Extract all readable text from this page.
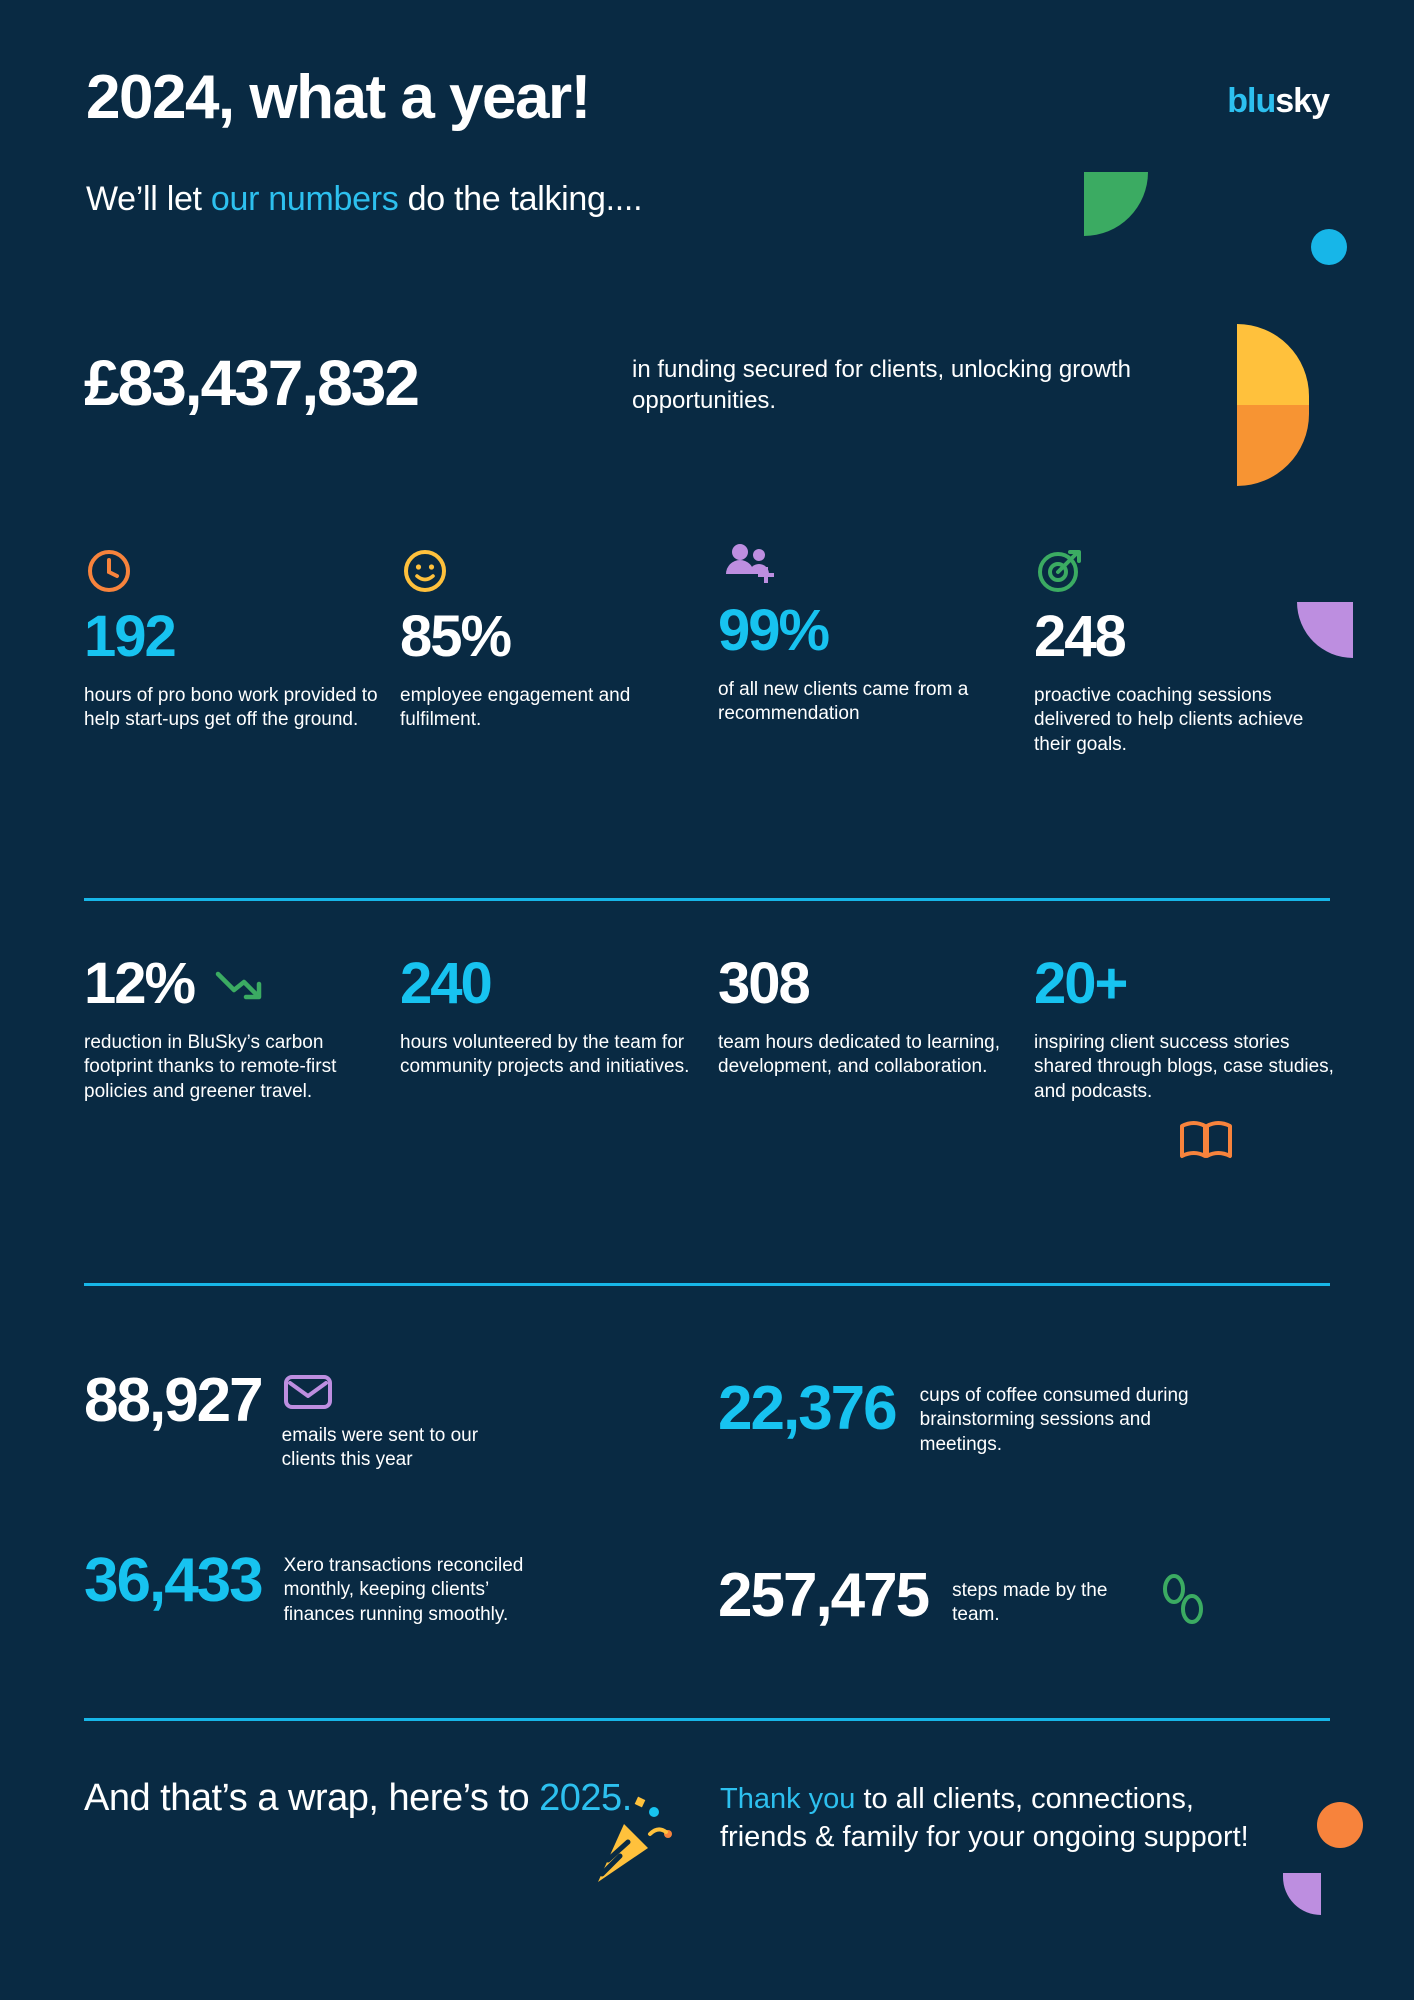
2024, what a year!
We’ll let our numbers do the talking....
blusky
£83,437,832	in funding secured for clients, unlocking growth opportunities.
192
hours of pro bono work provided to help start-ups get off the ground.
85%
employee engagement and fulfilment.
99%
of all new clients came from a recommendation
248
proactive coaching sessions delivered to help clients achieve their goals.
12%
reduction in BluSky’s carbon footprint thanks to remote-first policies and greener travel.
240
hours volunteered by the team for community projects and initiatives.
308
team hours dedicated to learning, development, and collaboration.
20+
inspiring client success stories shared through blogs, case studies, and podcasts.
88,927
emails were sent to our clients this year
22,376 cups of coffee consumed during brainstorming sessions and meetings.
36,433 Xero transactions reconciled monthly, keeping clients’ finances running smoothly.	257,475 steps made by the team.
And that’s a wrap, here’s to 2025.	Thank you to all clients, connections, friends & family for your ongoing support!
